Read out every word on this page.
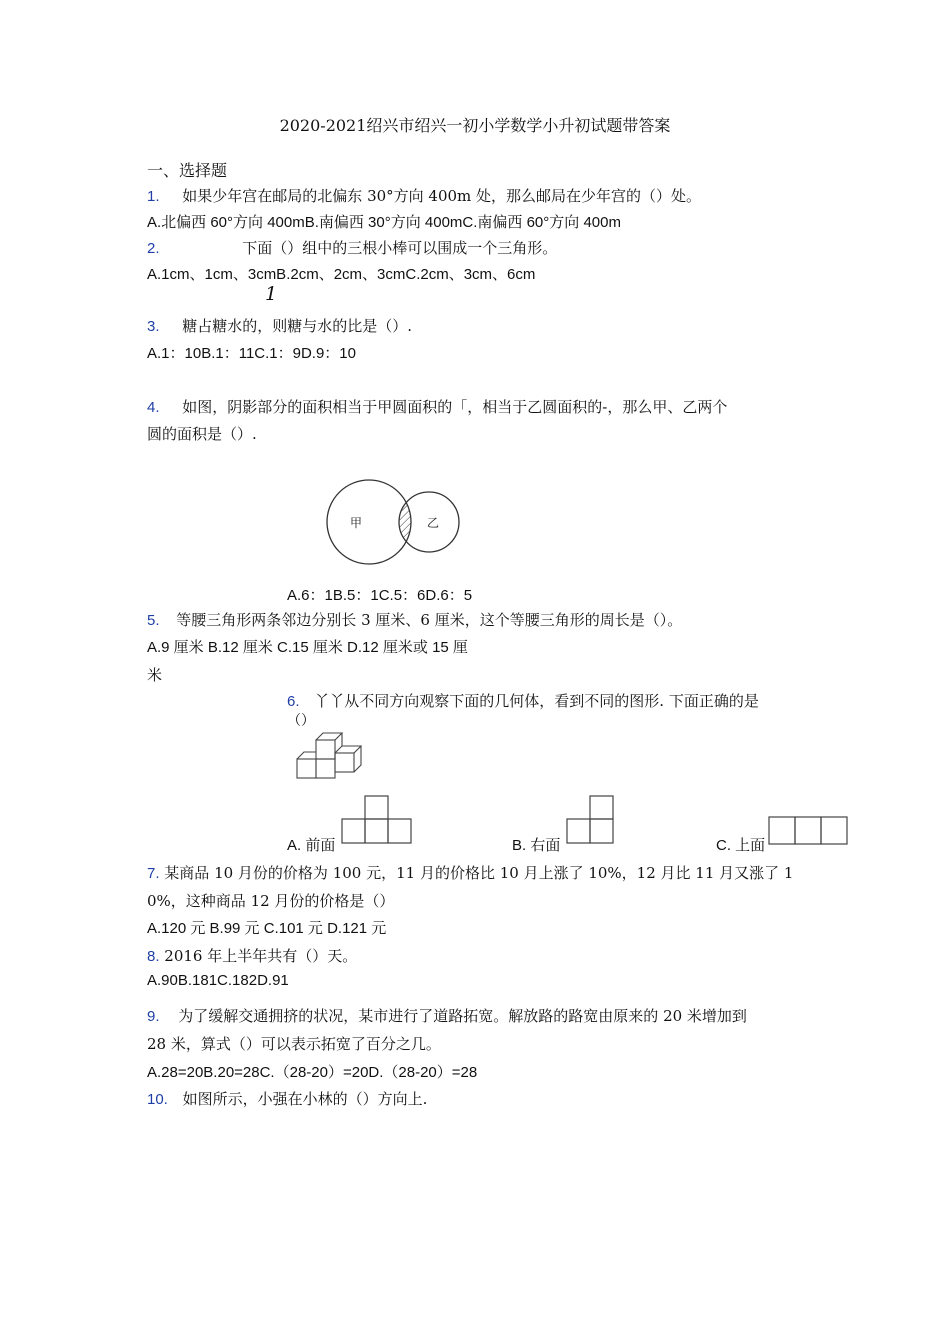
2020-2021绍兴市绍兴一初小学数学小升初试题带答案
一、选择题
1. 如果少年宫在邮局的北偏东 30°方向 400m 处，那么邮局在少年宫的（）处。
A.北偏西 60°方向 400mB.南偏西 30°方向 400mC.南偏西 60°方向 400m
2.	下面（）组中的三根小棒可以围成一个三角形。
A.1cm、1cm、3cmB.2cm、2cm、3cmC.2cm、3cm、6cm
1
3. 糖占糖水的，则糖与水的比是（）.
A.1：10B.1：11C.1：9D.9：10
4. 如图，阴影部分的面积相当于甲圆面积的「，相当于乙圆面积的-，那么甲、乙两个
圆的面积是（）.
甲	乙
A.6：1B.5：1C.5：6D.6：5
5. 等腰三角形两条邻边分别长 3 厘米、6 厘米，这个等腰三角形的周长是（）。
A.9 厘米 B.12 厘米 C.15 厘米 D.12 厘米或 15 厘
米
6. 丫丫从不同方向观察下面的几何体，看到不同的图形. 下面正确的是
（）
A. 前面	B. 右面	C. 上面
7. 某商品 10 月份的价格为 100 元，11 月的价格比 10 月上涨了 10%，12 月比 11 月又涨了 1
0%，这种商品 12 月份的价格是（）
A.120 元 B.99 元 C.101 元 D.121 元
8. 2016 年上半年共有（）天。
A.90B.181C.182D.91
9. 为了缓解交通拥挤的状况，某市进行了道路拓宽。解放路的路宽由原来的 20 米增加到
28 米，算式（）可以表示拓宽了百分之几。
A.28=20B.20=28C.（28-20）=20D.（28-20）=28
10. 如图所示，小强在小林的（）方向上.
